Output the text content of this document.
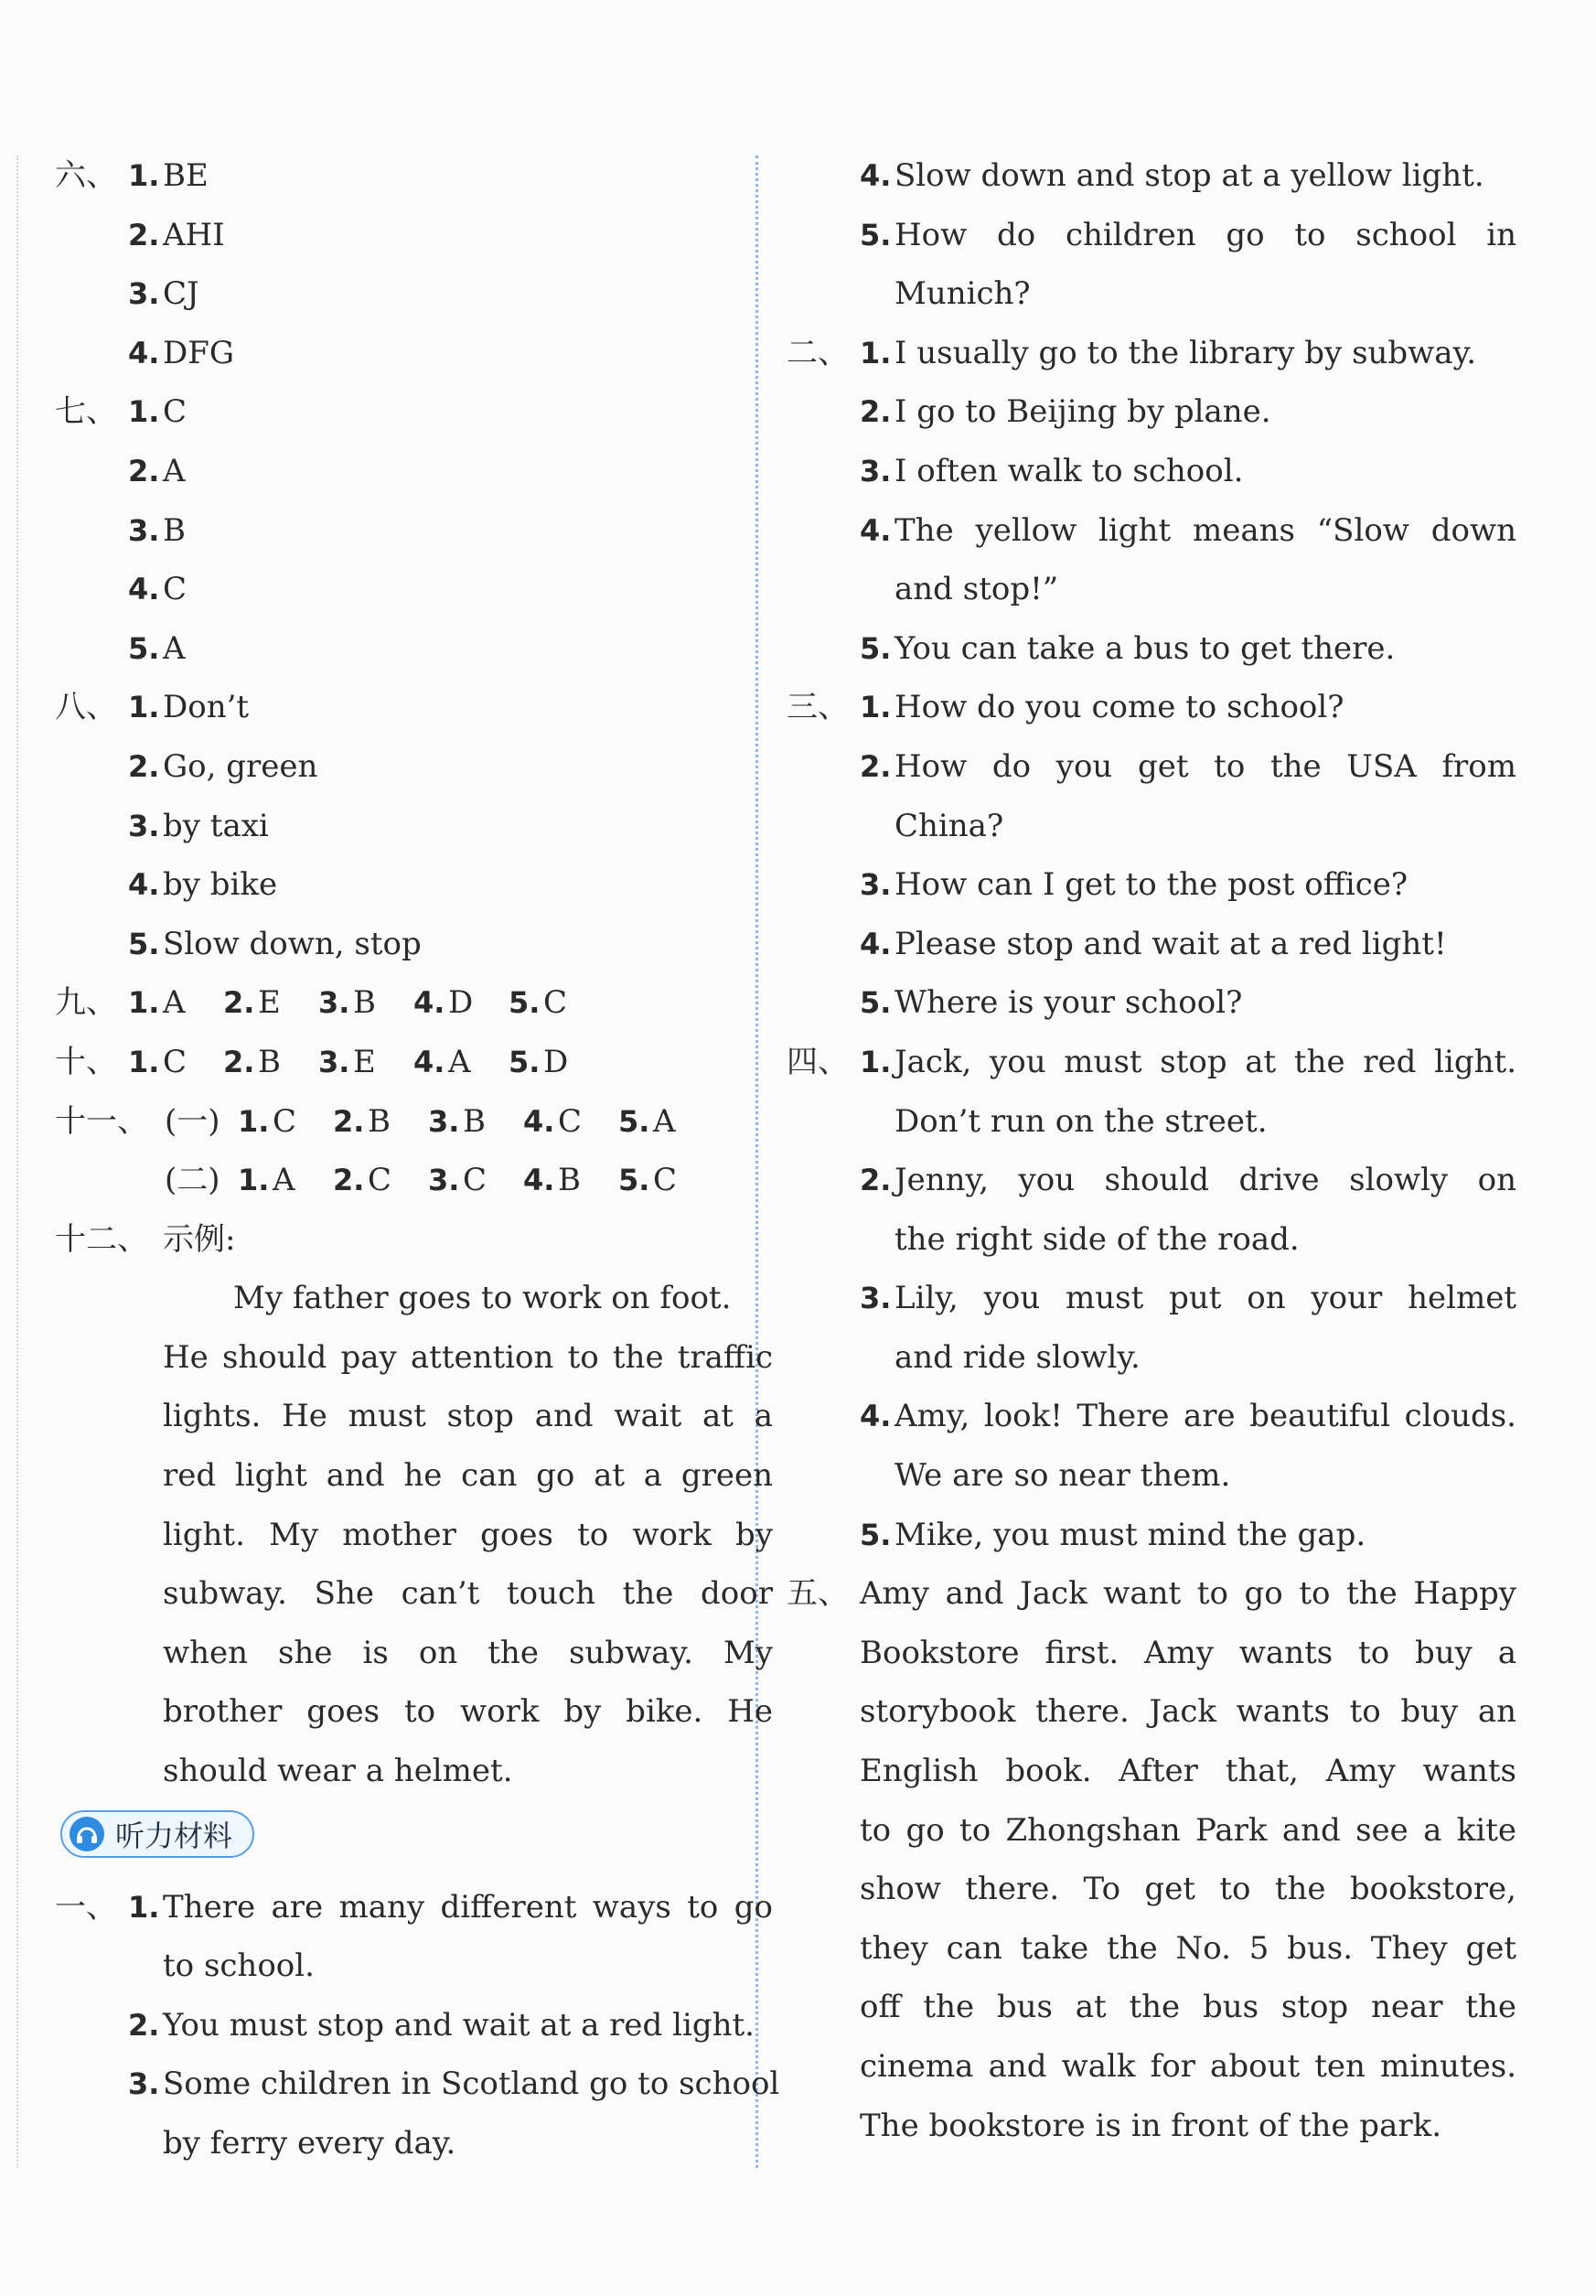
六、 1. BE
2. AHI
3. CJ
4. DFG
七、 1. C
2. A
3. B
4. C
5. A
八、 1. Don’t
2. Go, green
3. by taxi
4. by bike
5. Slow down, stop
九、 1. A 2. E 3. B 4. D 5. C
十、 1. C 2. B 3. E 4. A 5. D
十一、 (一) 1. C 2. B 3. B 4. C 5. A
(二) 1. A 2. C 3. C 4. B 5. C
十二、 示例:
My father goes to work on foot.
He should pay attention to the traffic
lights. He must stop and wait at a
red light and he can go at a green
light. My mother goes to work by
subway. She can’t touch the door
when she is on the subway. My
brother goes to work by bike. He
should wear a helmet.
听力材料
一、 1. There are many different ways to go
to school.
2. You must stop and wait at a red light.
3. Some children in Scotland go to school
by ferry every day.
4. Slow down and stop at a yellow light.
5. How do children go to school in
Munich?
二、 1. I usually go to the library by subway.
2. I go to Beijing by plane.
3. I often walk to school.
4. The yellow light means “Slow down
and stop!”
5. You can take a bus to get there.
三、 1. How do you come to school?
2. How do you get to the USA from
China?
3. How can I get to the post office?
4. Please stop and wait at a red light!
5. Where is your school?
四、 1. Jack, you must stop at the red light.
Don’t run on the street.
2. Jenny, you should drive slowly on
the right side of the road.
3. Lily, you must put on your helmet
and ride slowly.
4. Amy, look! There are beautiful clouds.
We are so near them.
5. Mike, you must mind the gap.
五、 Amy and Jack want to go to the Happy
Bookstore first. Amy wants to buy a
storybook there. Jack wants to buy an
English book. After that, Amy wants
to go to Zhongshan Park and see a kite
show there. To get to the bookstore,
they can take the No. 5 bus. They get
off the bus at the bus stop near the
cinema and walk for about ten minutes.
The bookstore is in front of the park.
